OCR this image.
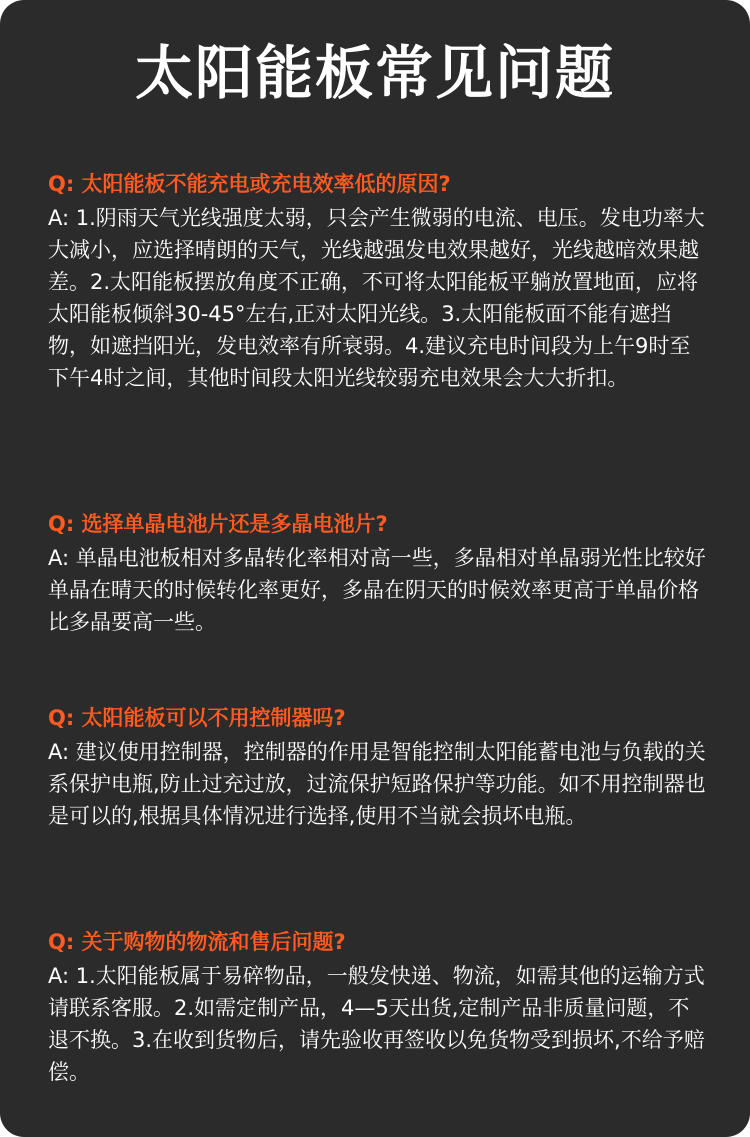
太阳能板常见问题

Q: 太阳能板不能充电或充电效率低的原因?

A: 1.阴雨天气光线强度太弱，只会产生微弱的电流、电压。发电功率大大减小，应选择晴朗的天气，光线越强发电效果越好，光线越暗效果越差。2.太阳能板摆放角度不正确，不可将太阳能板平躺放置地面，应将太阳能板倾斜30-45°左右,正对太阳光线。3.太阳能板面不能有遮挡物，如遮挡阳光，发电效率有所衰弱。4.建议充电时间段为上午9时至下午4时之间，其他时间段太阳光线较弱充电效果会大大折扣。

Q: 选择单晶电池片还是多晶电池片?

A: 单晶电池板相对多晶转化率相对高一些，多晶相对单晶弱光性比较好单晶在晴天的时候转化率更好，多晶在阴天的时候效率更高于单晶价格比多晶要高一些。

Q: 太阳能板可以不用控制器吗?

A: 建议使用控制器，控制器的作用是智能控制太阳能蓄电池与负载的关系保护电瓶,防止过充过放，过流保护短路保护等功能。如不用控制器也是可以的,根据具体情况进行选择,使用不当就会损坏电瓶。

Q: 关于购物的物流和售后问题?

A: 1.太阳能板属于易碎物品，一般发快递、物流，如需其他的运输方式请联系客服。2.如需定制产品，4—5天出货,定制产品非质量问题，不退不换。3.在收到货物后，请先验收再签收以免货物受到损坏,不给予赔偿。
